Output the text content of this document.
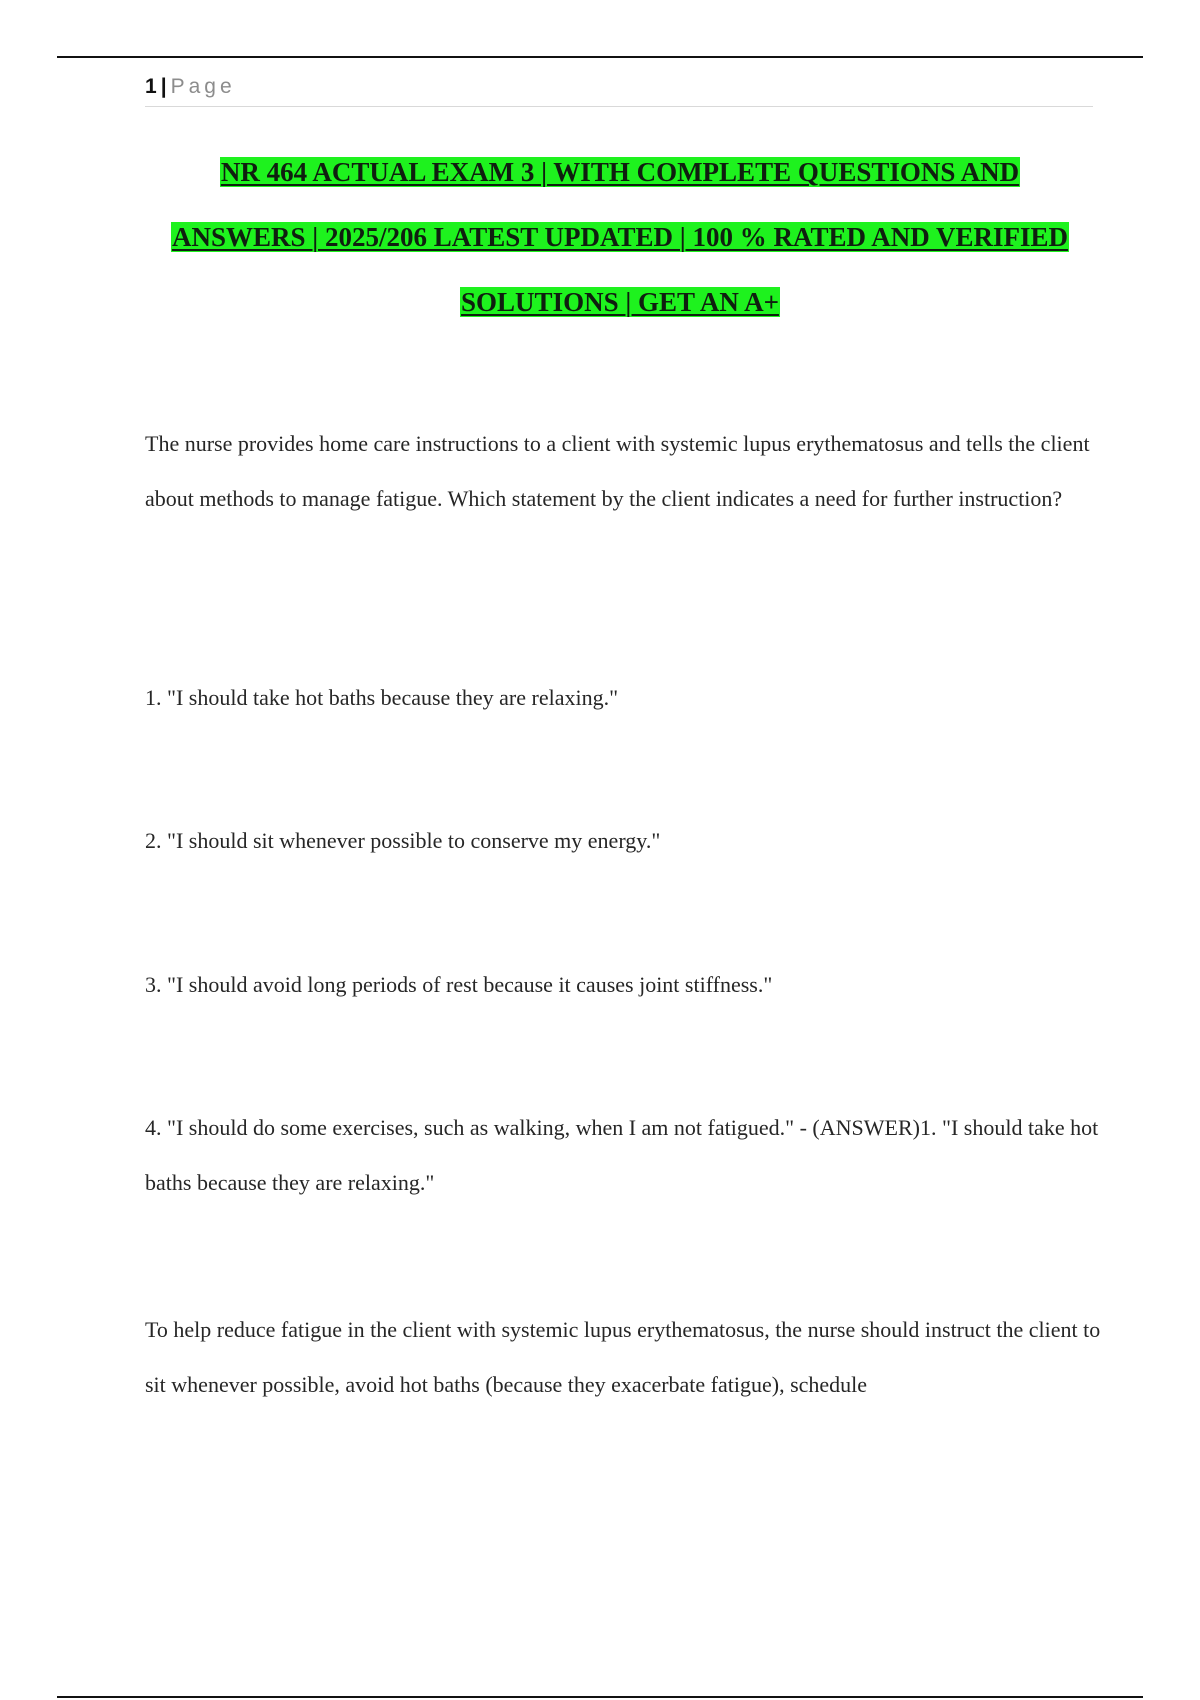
1 | Page
NR 464 ACTUAL EXAM 3 | WITH COMPLETE QUESTIONS AND
ANSWERS | 2025/206 LATEST UPDATED | 100 % RATED AND VERIFIED
SOLUTIONS | GET AN A+

The nurse provides home care instructions to a client with systemic lupus erythematosus and tells the client about methods to manage fatigue. Which statement by the client indicates a need for further instruction?

1. "I should take hot baths because they are relaxing."

2. "I should sit whenever possible to conserve my energy."

3. "I should avoid long periods of rest because it causes joint stiffness."

4. "I should do some exercises, such as walking, when I am not fatigued." - (ANSWER)1. "I should take hot baths because they are relaxing."

To help reduce fatigue in the client with systemic lupus erythematosus, the nurse should instruct the client to sit whenever possible, avoid hot baths (because they exacerbate fatigue), schedule
